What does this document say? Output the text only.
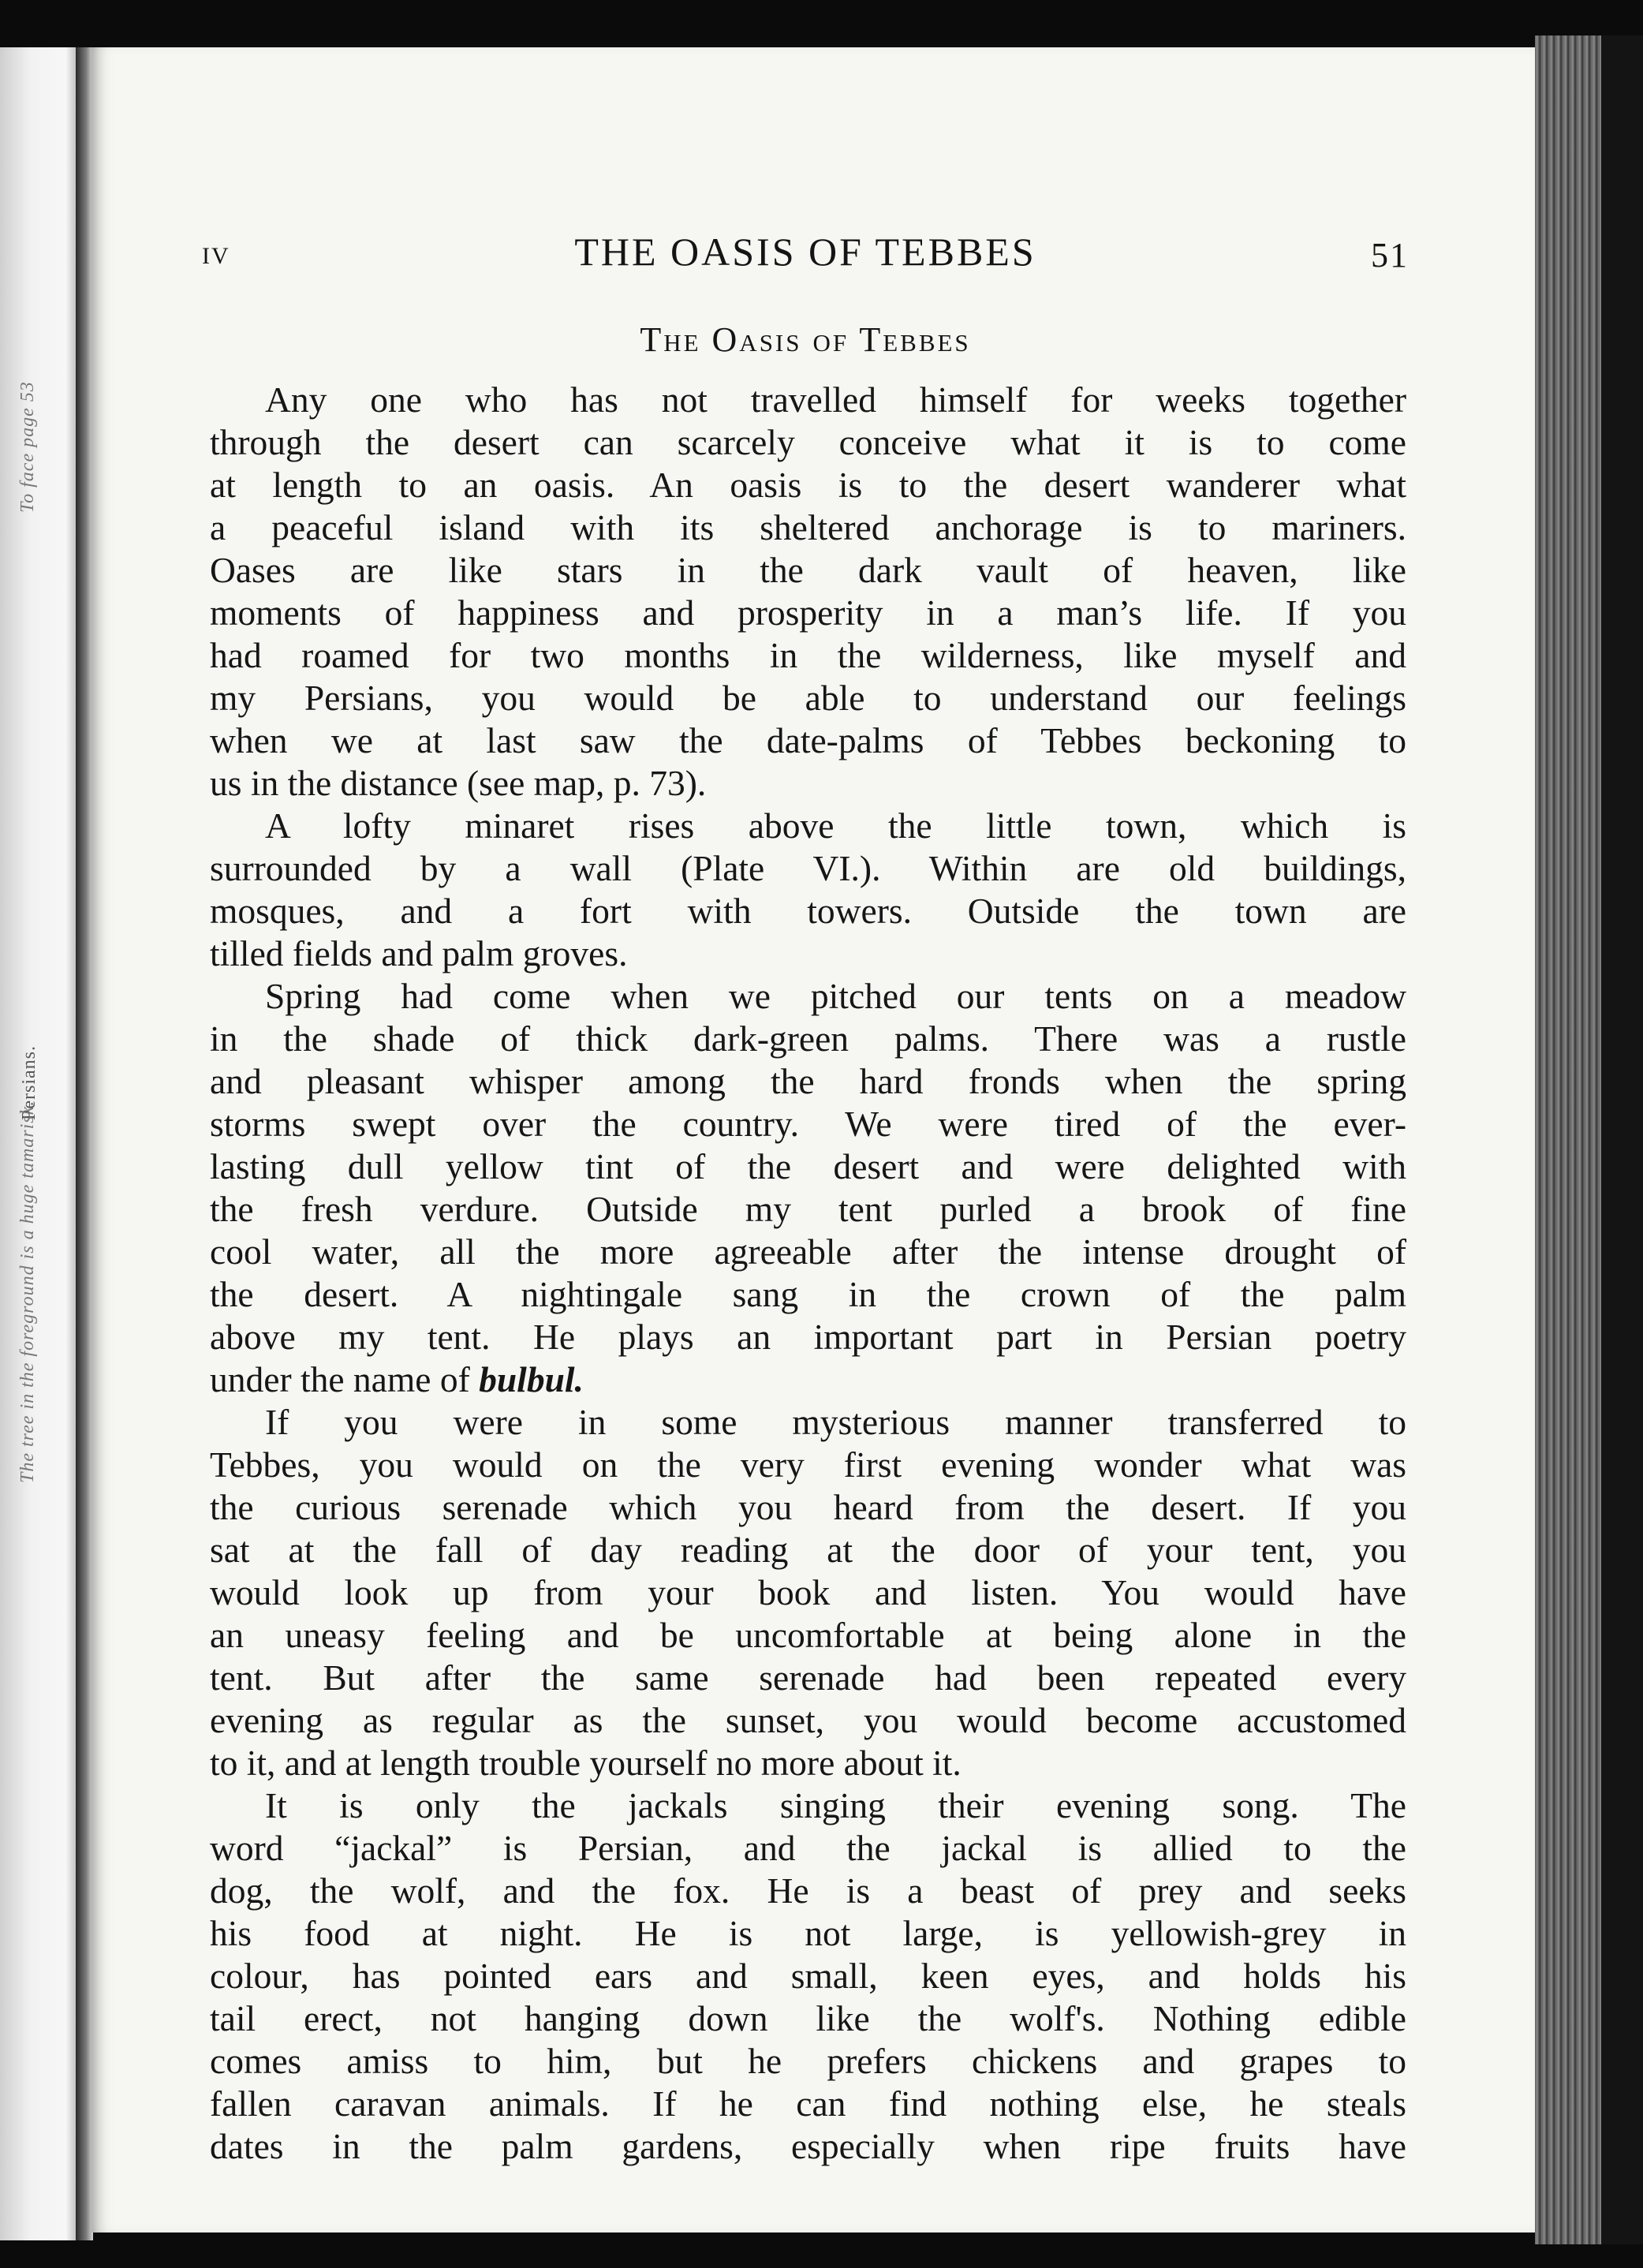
To face page 53
Persians.
The tree in the foreground is a huge tamarisk.
IV	THE OASIS OF TEBBES	51
The Oasis of Tebbes

Any one who has not travelled himself for weeks together
through the desert can scarcely conceive what it is to come
at length to an oasis. An oasis is to the desert wanderer what
a peaceful island with its sheltered anchorage is to mariners.
Oases are like stars in the dark vault of heaven, like
moments of happiness and prosperity in a man’s life. If you
had roamed for two months in the wilderness, like myself and
my Persians, you would be able to understand our feelings
when we at last saw the date-palms of Tebbes beckoning to
us in the distance (see map, p. 73).

A lofty minaret rises above the little town, which is
surrounded by a wall (Plate VI.). Within are old buildings,
mosques, and a fort with towers. Outside the town are
tilled fields and palm groves.

Spring had come when we pitched our tents on a meadow
in the shade of thick dark-green palms. There was a rustle
and pleasant whisper among the hard fronds when the spring
storms swept over the country. We were tired of the ever-
lasting dull yellow tint of the desert and were delighted with
the fresh verdure. Outside my tent purled a brook of fine
cool water, all the more agreeable after the intense drought of
the desert. A nightingale sang in the crown of the palm
above my tent. He plays an important part in Persian poetry
under the name of bulbul.

If you were in some mysterious manner transferred to
Tebbes, you would on the very first evening wonder what was
the curious serenade which you heard from the desert. If you
sat at the fall of day reading at the door of your tent, you
would look up from your book and listen. You would have
an uneasy feeling and be uncomfortable at being alone in the
tent. But after the same serenade had been repeated every
evening as regular as the sunset, you would become accustomed
to it, and at length trouble yourself no more about it.

It is only the jackals singing their evening song. The
word “jackal” is Persian, and the jackal is allied to the
dog, the wolf, and the fox. He is a beast of prey and seeks
his food at night. He is not large, is yellowish-grey in
colour, has pointed ears and small, keen eyes, and holds his
tail erect, not hanging down like the wolf's. Nothing edible
comes amiss to him, but he prefers chickens and grapes to
fallen caravan animals. If he can find nothing else, he steals
dates in the palm gardens, especially when ripe fruits have
